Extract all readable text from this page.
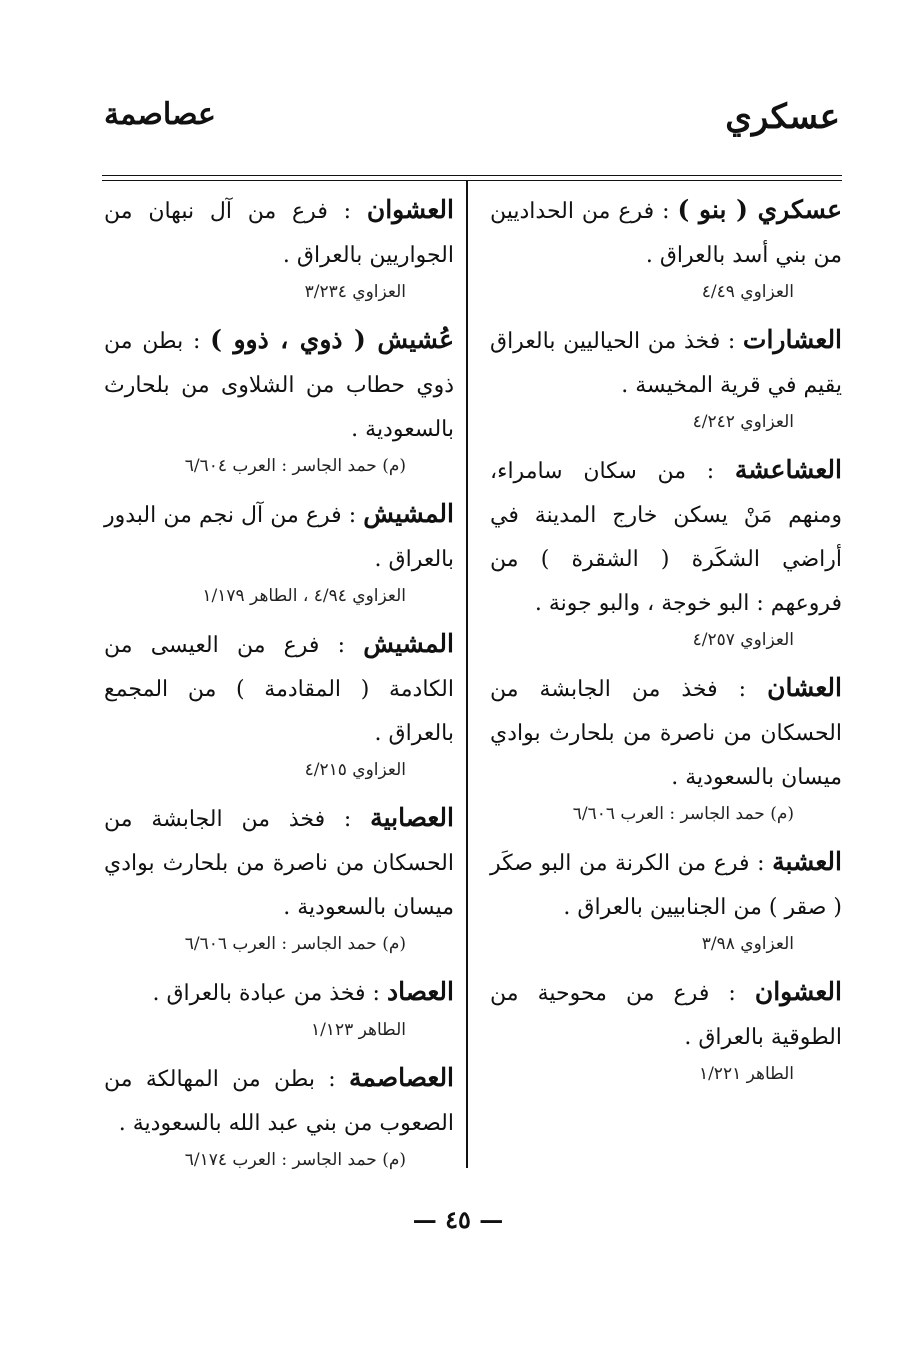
عسكري
عصاصمة

عسكري ( بنو ) : فرع من الحداديين من بني أسد بالعراق .

العزاوي ٤/٤٩

العشارات : فخذ من الحياليين بالعراق يقيم في قرية المخيسة .

العزاوي ٤/٢٤٢

العشاعشة : من سكان سامراء، ومنهم مَنْ يسكن خارج المدينة في أراضي الشكَرة ( الشقرة ) من فروعهم : البو خوجة ، والبو جونة .

العزاوي ٤/٢٥٧

العشان : فخذ من الجابشة من الحسكان من ناصرة من بلحارث بوادي ميسان بالسعودية .

(م) حمد الجاسر : العرب ٦/٦٠٦

العشبة : فرع من الكرنة من البو صكَر ( صقر ) من الجنابيين بالعراق .

العزاوي ٣/٩٨

العشوان : فرع من محوحية من الطوقية بالعراق .

الطاهر ١/٢٢١

العشوان : فرع من آل نبهان من الجواريين بالعراق .

العزاوي ٣/٢٣٤

عُشيش ( ذوي ، ذوو ) : بطن من ذوي حطاب من الشلاوى من بلحارث بالسعودية .

(م) حمد الجاسر : العرب ٦/٦٠٤

المشيش : فرع من آل نجم من البدور بالعراق .

العزاوي ٤/٩٤ ، الطاهر ١/١٧٩

المشيش : فرع من العيسى من الكادمة ( المقادمة ) من المجمع بالعراق .

العزاوي ٤/٢١٥

العصابية : فخذ من الجابشة من الحسكان من ناصرة من بلحارث بوادي ميسان بالسعودية .

(م) حمد الجاسر : العرب ٦/٦٠٦

العصاد : فخذ من عبادة بالعراق .

الطاهر ١/١٢٣

العصاصمة : بطن من المهالكة من الصعوب من بني عبد الله بالسعودية .

(م) حمد الجاسر : العرب ٦/١٧٤

— ٤٥ —
